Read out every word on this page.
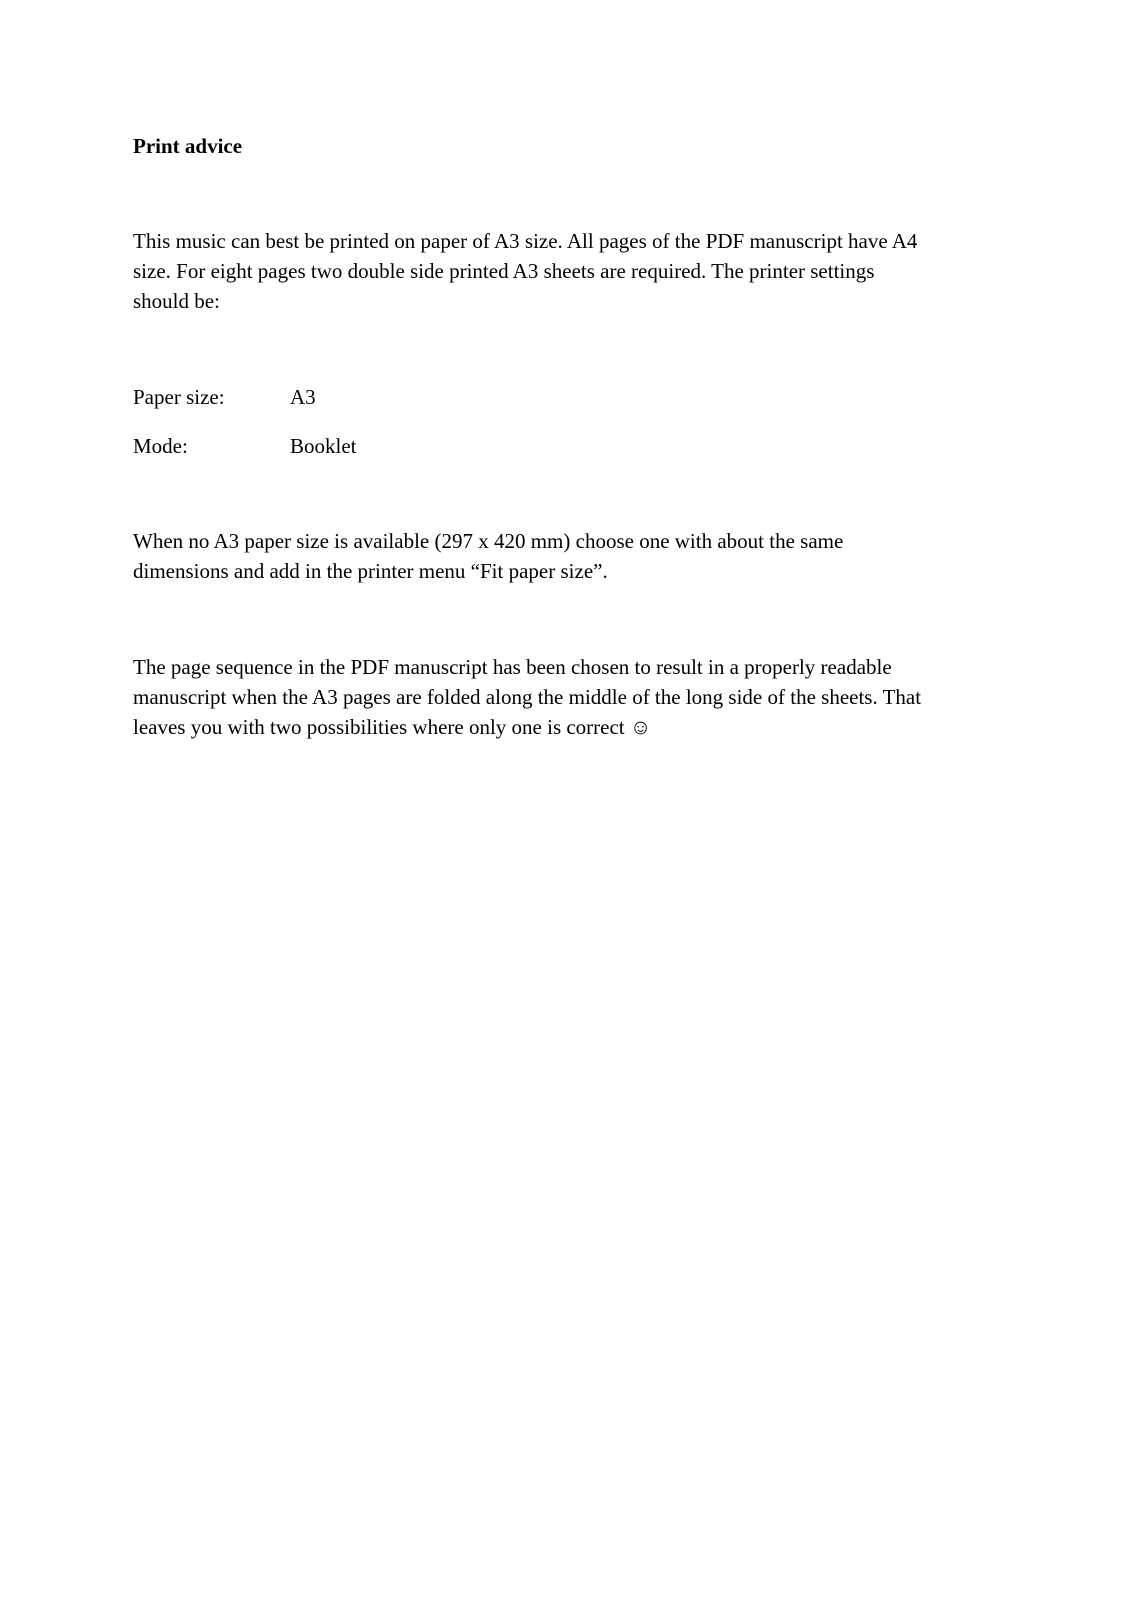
Print advice
This music can best be printed on paper of A3 size. All pages of the PDF manuscript have A4
size. For eight pages two double side printed A3 sheets are required. The printer settings
should be:
Paper size:	A3
Mode:	Booklet
When no A3 paper size is available (297 x 420 mm) choose one with about the same
dimensions and add in the printer menu “Fit paper size”.
The page sequence in the PDF manuscript has been chosen to result in a properly readable
manuscript when the A3 pages are folded along the middle of the long side of the sheets. That
leaves you with two possibilities where only one is correct ☺
